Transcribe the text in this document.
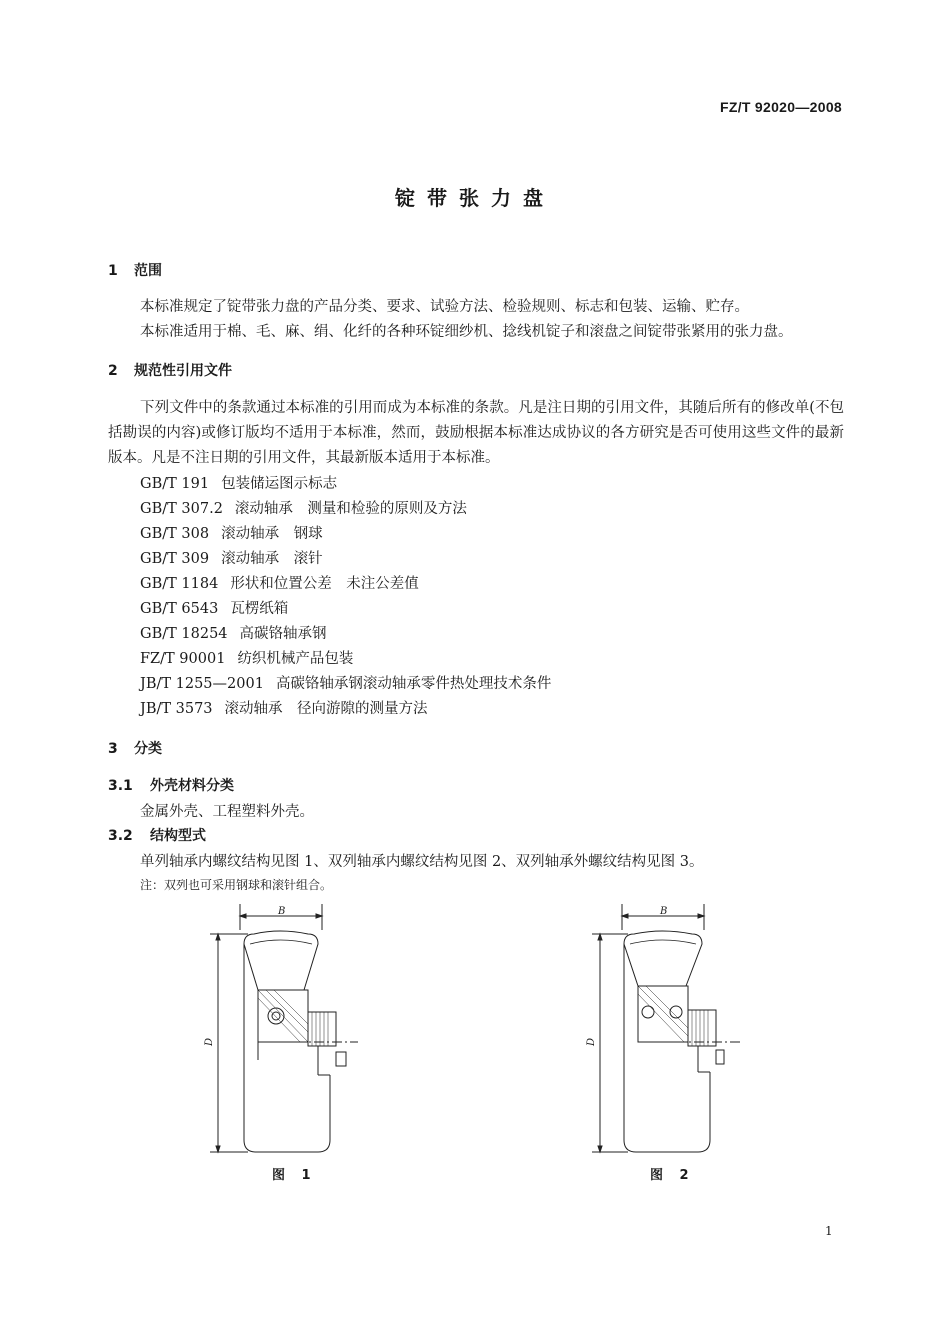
FZ/T 92020—2008
锭带张力盘
1 范围
本标准规定了锭带张力盘的产品分类、要求、试验方法、检验规则、标志和包装、运输、贮存。
本标准适用于棉、毛、麻、绢、化纤的各种环锭细纱机、捻线机锭子和滚盘之间锭带张紧用的张力盘。
2 规范性引用文件
下列文件中的条款通过本标准的引用而成为本标准的条款。凡是注日期的引用文件，其随后所有的修改单(不包括勘误的内容)或修订版均不适用于本标准，然而，鼓励根据本标准达成协议的各方研究是否可使用这些文件的最新版本。凡是不注日期的引用文件，其最新版本适用于本标准。
GB/T 191 包装储运图示标志
GB/T 307.2 滚动轴承　测量和检验的原则及方法
GB/T 308 滚动轴承　钢球
GB/T 309 滚动轴承　滚针
GB/T 1184 形状和位置公差　未注公差值
GB/T 6543 瓦楞纸箱
GB/T 18254 高碳铬轴承钢
FZ/T 90001 纺织机械产品包装
JB/T 1255—2001 高碳铬轴承钢滚动轴承零件热处理技术条件
JB/T 3573 滚动轴承　径向游隙的测量方法
3 分类
3.1 外壳材料分类
金属外壳、工程塑料外壳。
3.2 结构型式
单列轴承内螺纹结构见图 1、双列轴承内螺纹结构见图 2、双列轴承外螺纹结构见图 3。
注：双列也可采用钢球和滚针组合。
B
D
图 1
B
D
图 2
1
